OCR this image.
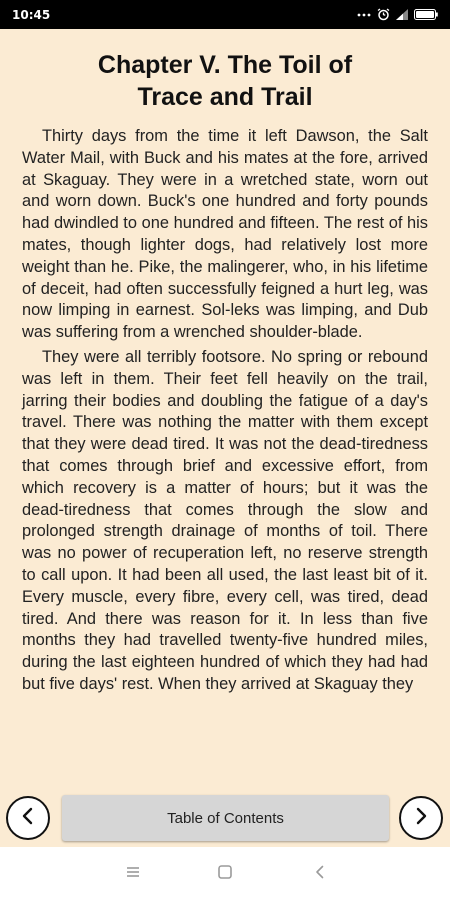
10:45
Chapter V. The Toil of
Trace and Trail

Thirty days from the time it left Dawson, the Salt Water Mail, with Buck and his mates at the fore, arrived at Skaguay. They were in a wretched state, worn out and worn down. Buck's one hundred and forty pounds had dwindled to one hundred and fifteen. The rest of his mates, though lighter dogs, had relatively lost more weight than he. Pike, the malingerer, who, in his lifetime of deceit, had often successfully feigned a hurt leg, was now limping in earnest. Sol-leks was limping, and Dub was suffering from a wrenched shoulder-blade.

They were all terribly footsore. No spring or rebound was left in them. Their feet fell heavily on the trail, jarring their bodies and doubling the fatigue of a day's travel. There was nothing the matter with them except that they were dead tired. It was not the dead-tiredness that comes through brief and excessive effort, from which recovery is a matter of hours; but it was the dead-tiredness that comes through the slow and prolonged strength drainage of months of toil. There was no power of recuperation left, no reserve strength to call upon. It had been all used, the last least bit of it. Every muscle, every fibre, every cell, was tired, dead tired. And there was reason for it. In less than five months they had travelled twenty-five hundred miles, during the last eighteen hundred of which they had had but five days' rest. When they arrived at Skaguay they

Table of Contents
